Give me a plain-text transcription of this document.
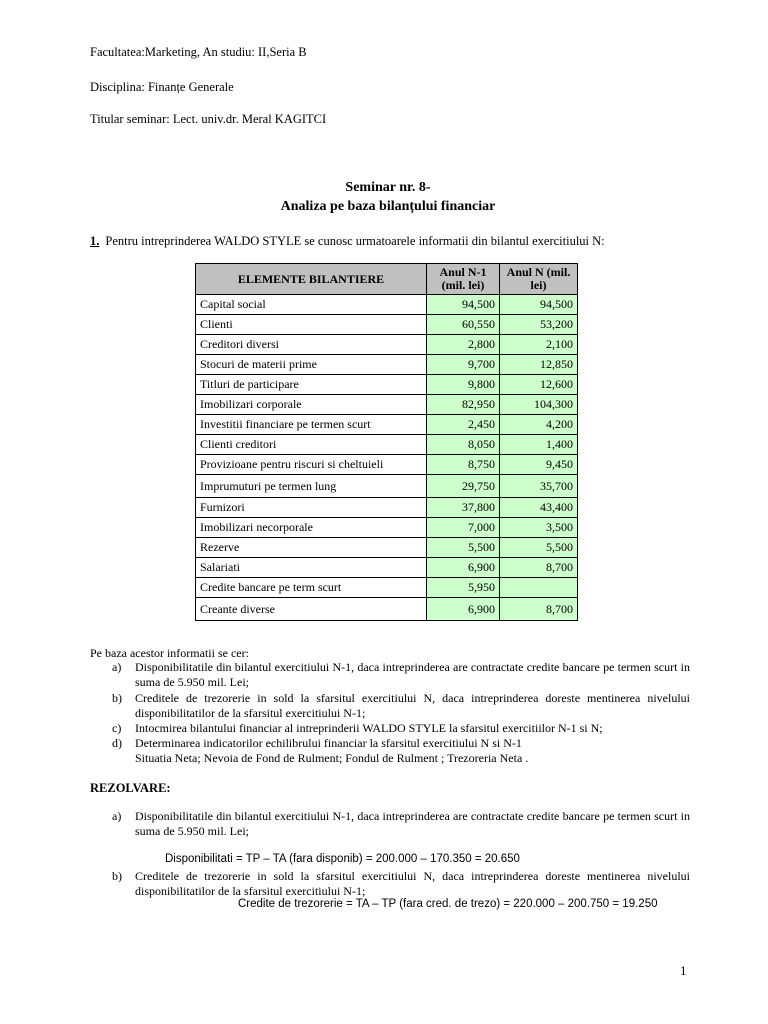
Facultatea:Marketing, An studiu: II,Seria B
Disciplina: Finanțe Generale
Titular seminar: Lect. univ.dr. Meral KAGITCI
Seminar nr. 8-
Analiza pe baza bilanțului financiar
1. Pentru intreprinderea WALDO STYLE se cunosc urmatoarele informatii din bilantul exercitiului N:
ELEMENTE BILANTIERE	Anul N-1 (mil. lei)	Anul N (mil. lei)
Capital social	94,500	94,500
Clienti	60,550	53,200
Creditori diversi	2,800	2,100
Stocuri de materii prime	9,700	12,850
Titluri de participare	9,800	12,600
Imobilizari corporale	82,950	104,300
Investitii financiare pe termen scurt	2,450	4,200
Clienti creditori	8,050	1,400
Provizioane pentru riscuri si cheltuieli	8,750	9,450
Imprumuturi pe termen lung	29,750	35,700
Furnizori	37,800	43,400
Imobilizari necorporale	7,000	3,500
Rezerve	5,500	5,500
Salariati	6,900	8,700
Credite bancare pe term scurt	5,950	
Creante diverse	6,900	8,700
Pe baza acestor informatii se cer:
a) Disponibilitatile din bilantul exercitiului N-1, daca intreprinderea are contractate credite bancare pe termen scurt in suma de 5.950 mil. Lei;
b) Creditele de trezorerie in sold la sfarsitul exercitiului N, daca intreprinderea doreste mentinerea nivelului disponibilitatilor de la sfarsitul exercitiului N-1;
c) Intocmirea bilantului financiar al intreprinderii WALDO STYLE la sfarsitul exercitiilor N-1 si N;
d) Determinarea indicatorilor echilibrului financiar la sfarsitul exercitiului N si N-1
Situatia Neta; Nevoia de Fond de Rulment; Fondul de Rulment ; Trezoreria Neta .
REZOLVARE:
a) Disponibilitatile din bilantul exercitiului N-1, daca intreprinderea are contractate credite bancare pe termen scurt in suma de 5.950 mil. Lei;
Disponibilitati = TP – TA (fara disponib) = 200.000 – 170.350 = 20.650
b) Creditele de trezorerie in sold la sfarsitul exercitiului N, daca intreprinderea doreste mentinerea nivelului disponibilitatilor de la sfarsitul exercitiului N-1;
Credite de trezorerie = TA – TP (fara cred. de trezo) = 220.000 – 200.750 = 19.250
1
